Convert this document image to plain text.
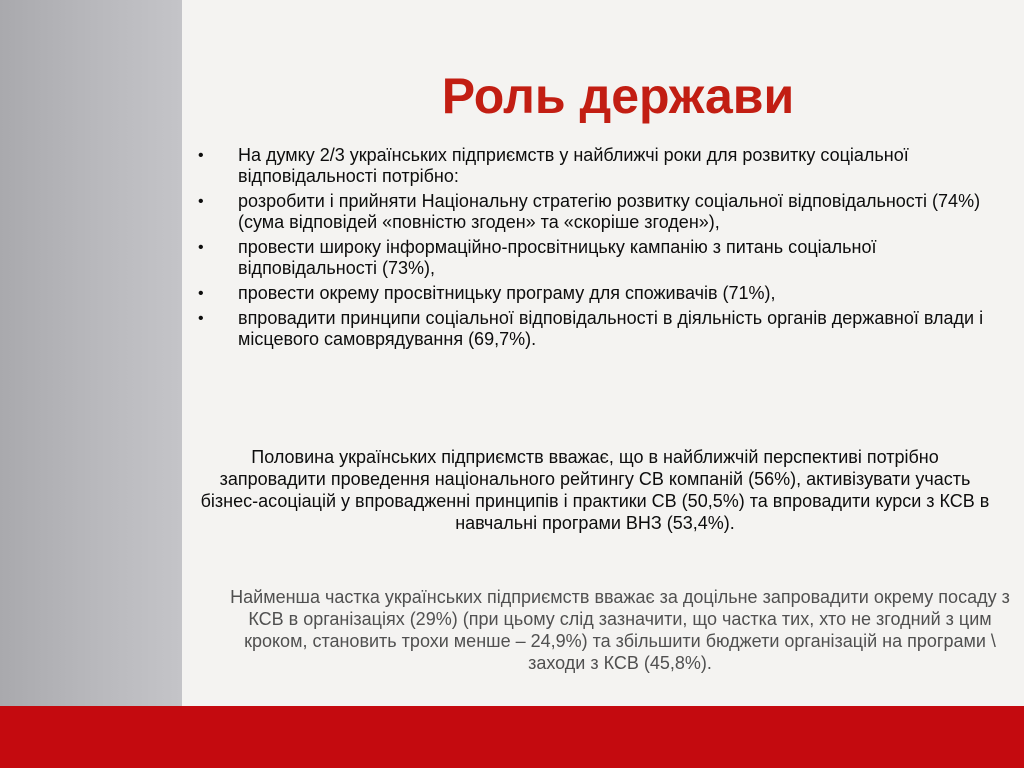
Роль держави
• На думку 2/3 українських підприємств у найближчі роки для розвитку соціальної відповідальності потрібно:
• розробити і прийняти Національну стратегію розвитку соціальної відповідальності (74%) (сума відповідей «повністю згоден» та «скоріше згоден»),
• провести широку інформаційно-просвітницьку кампанію з питань соціальної відповідальності (73%),
• провести окрему просвітницьку програму для споживачів (71%),
• впровадити принципи соціальної відповідальності в діяльність органів державної влади і місцевого самоврядування (69,7%).
Половина українських підприємств вважає, що в найближчій перспективі потрібно запровадити проведення національного рейтингу СВ компаній (56%), активізувати участь бізнес-асоціацій у впровадженні принципів і практики СВ (50,5%) та впровадити курси з КСВ в навчальні програми ВНЗ (53,4%).
Найменша частка українських підприємств вважає за доцільне запровадити окрему посаду з КСВ в організаціях (29%) (при цьому слід зазначити, що частка тих, хто не згодний з цим кроком, становить трохи менше – 24,9%) та збільшити бюджети організацій на програми \ заходи з КСВ (45,8%).
